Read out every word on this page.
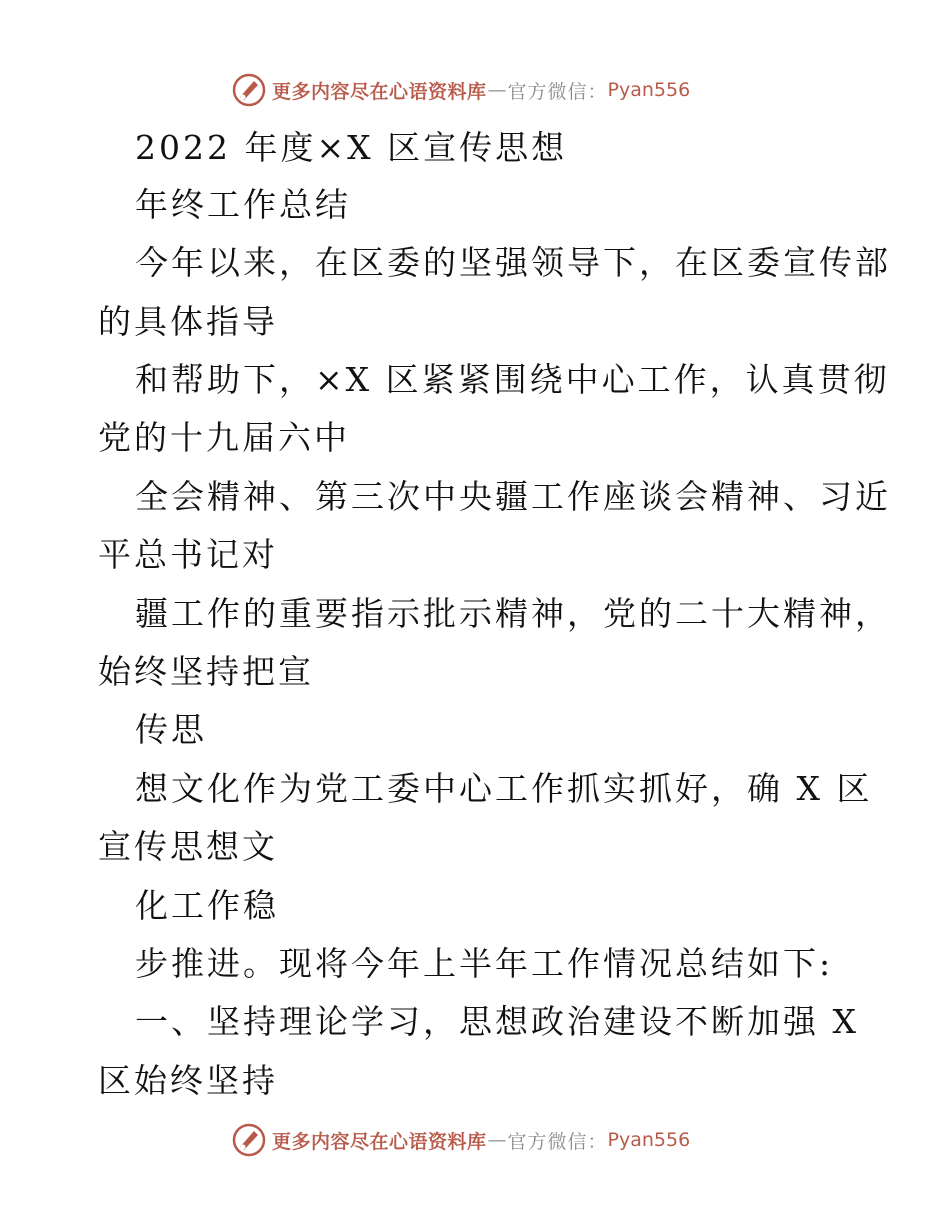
更多内容尽在心语资料库 — 官方微信： Pyan556
2022 年度×X 区宣传思想
年终工作总结
今年以来，在区委的坚强领导下，在区委宣传部
的具体指导
和帮助下，×X 区紧紧围绕中心工作，认真贯彻
党的十九届六中
全会精神、第三次中央疆工作座谈会精神、习近
平总书记对
疆工作的重要指示批示精神，党的二十大精神，
始终坚持把宣
传思
想文化作为党工委中心工作抓实抓好，确 X 区
宣传思想文
化工作稳
步推进。现将今年上半年工作情况总结如下:
一、坚持理论学习，思想政治建设不断加强 X
区始终坚持
更多内容尽在心语资料库 — 官方微信： Pyan556
